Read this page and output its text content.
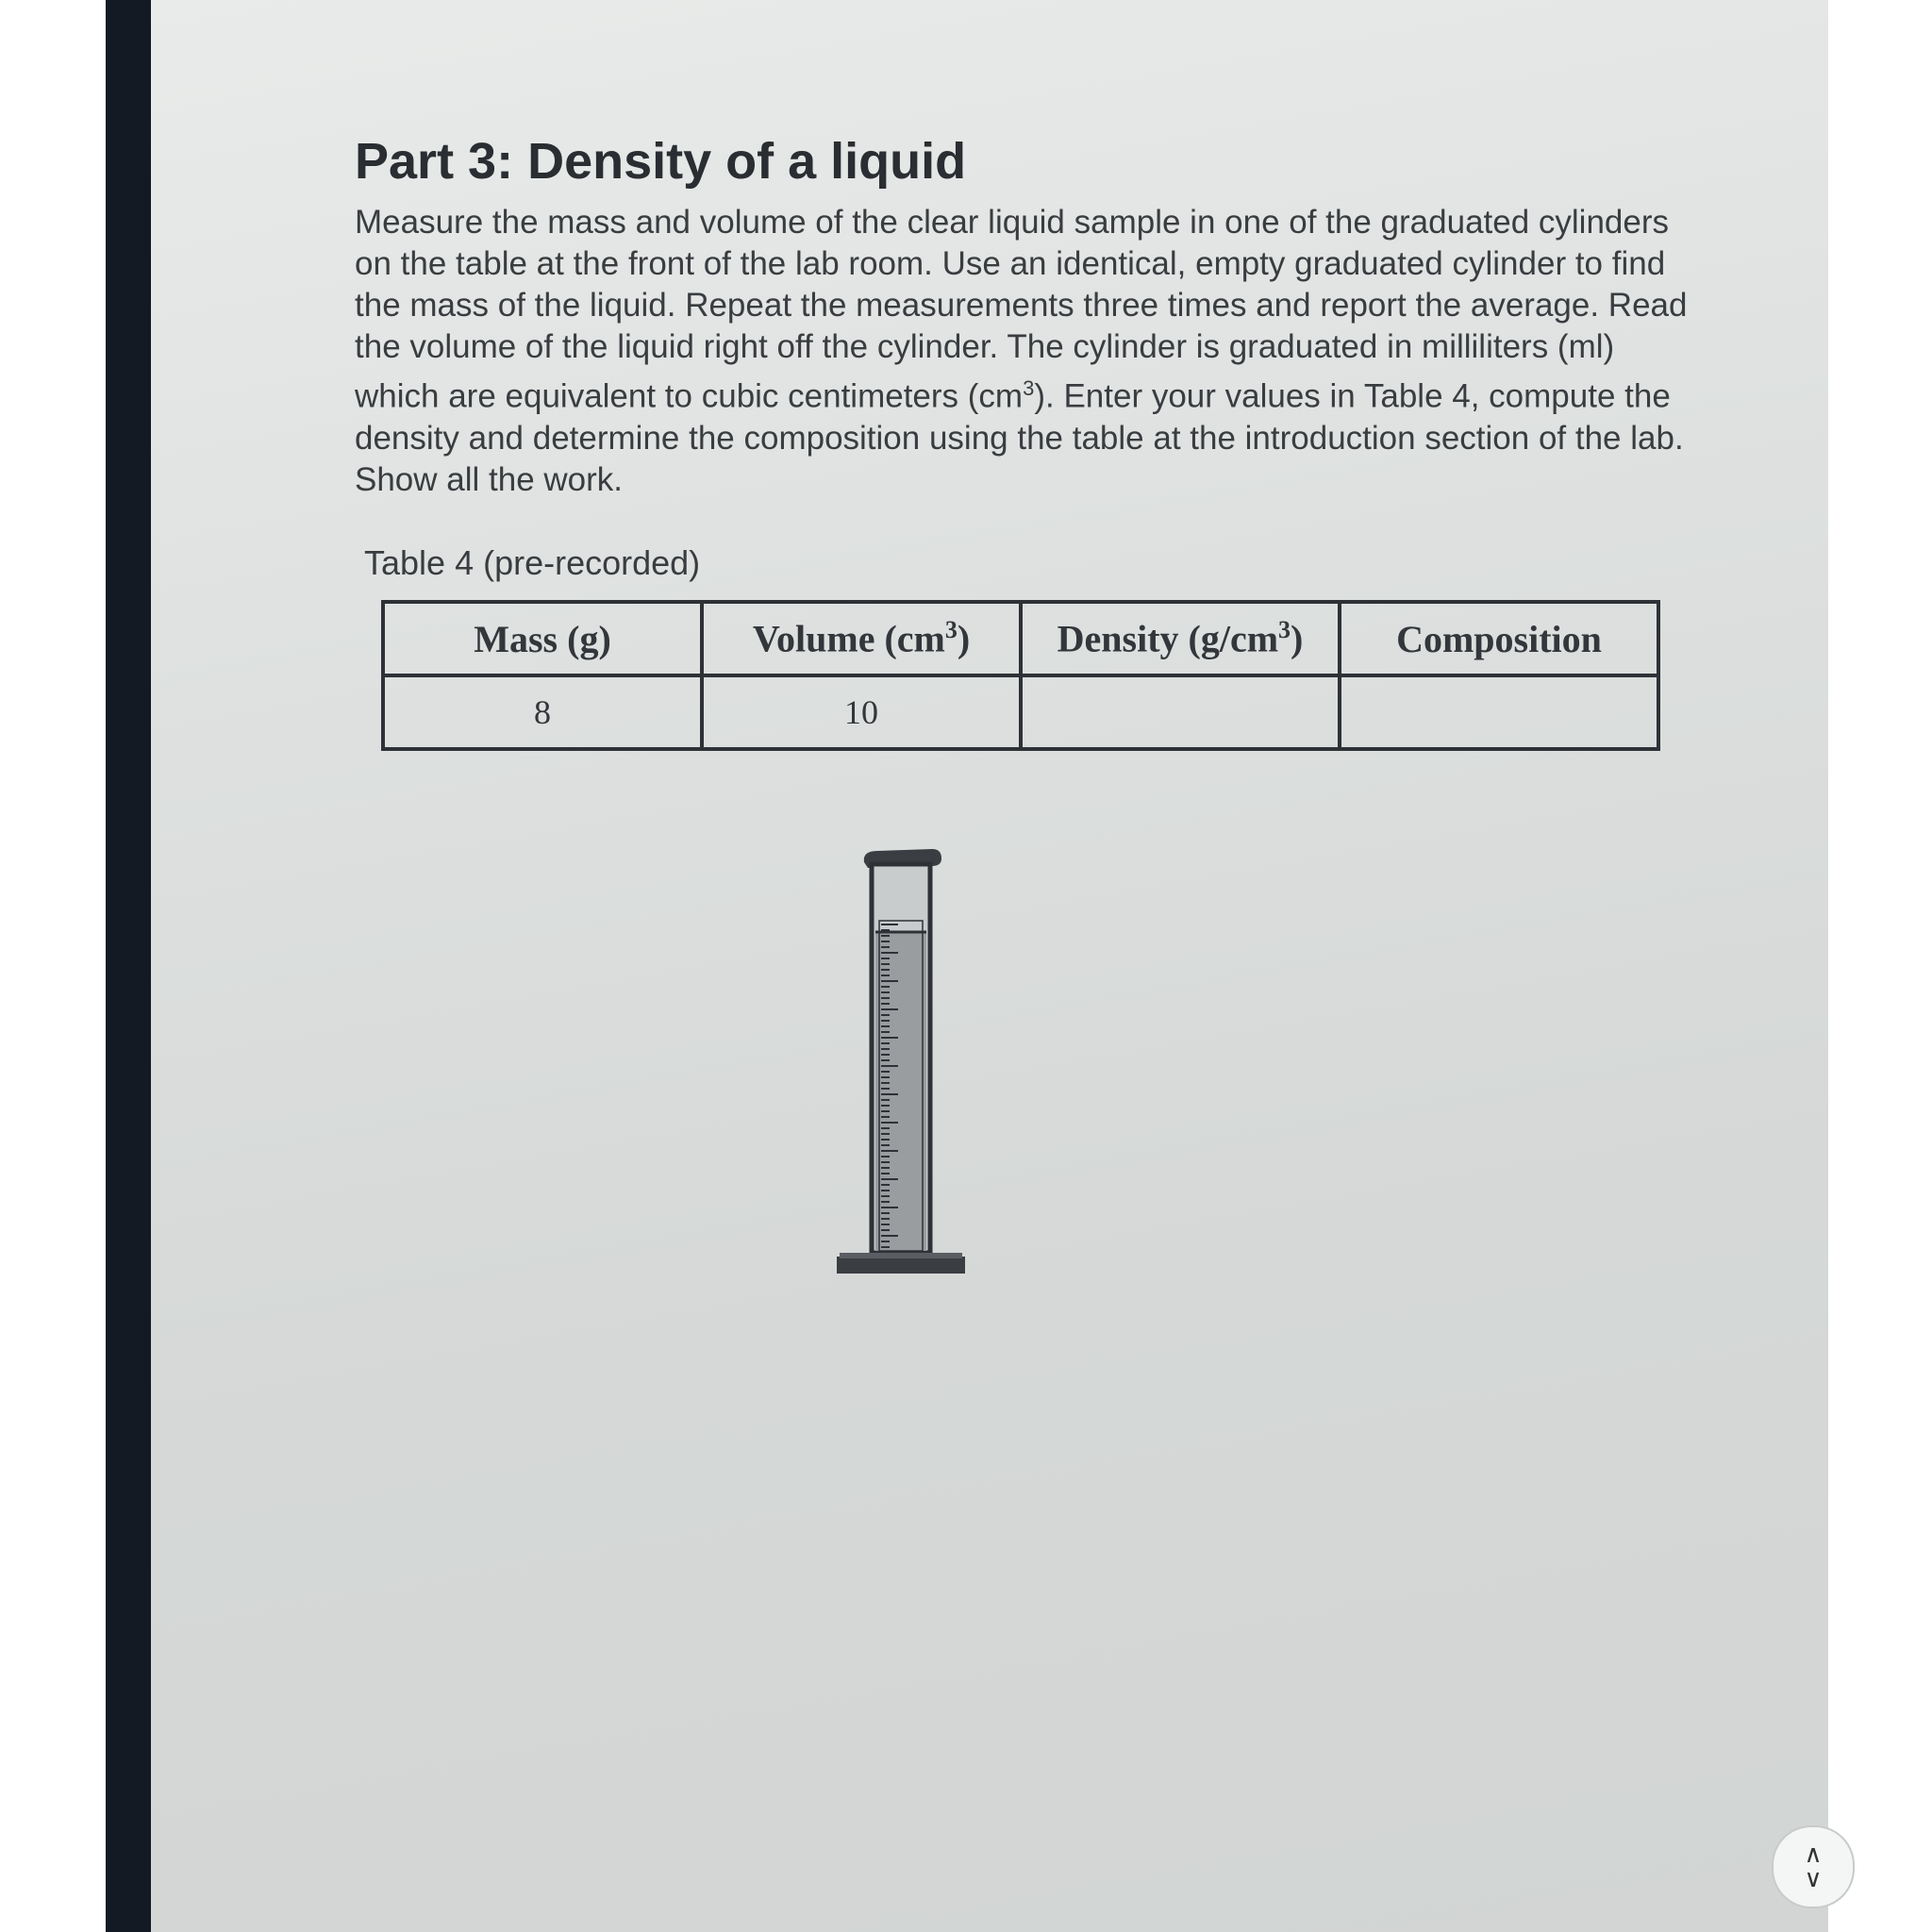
Part 3: Density of a liquid

Measure the mass and volume of the clear liquid sample in one of the graduated cylinders on the table at the front of the lab room. Use an identical, empty graduated cylinder to find the mass of the liquid. Repeat the measurements three times and report the average. Read the volume of the liquid right off the cylinder. The cylinder is graduated in milliliters (ml) which are equivalent to cubic centimeters $(cm^3)$. Enter your values in Table 4, compute the density and determine the composition using the table at the introduction section of the lab. Show all the work.

Table 4 (pre-recorded)
Mass (g)	Volume $(cm^3)$	Density $(g/cm^3)$	Composition
8	10		
∧
∨
